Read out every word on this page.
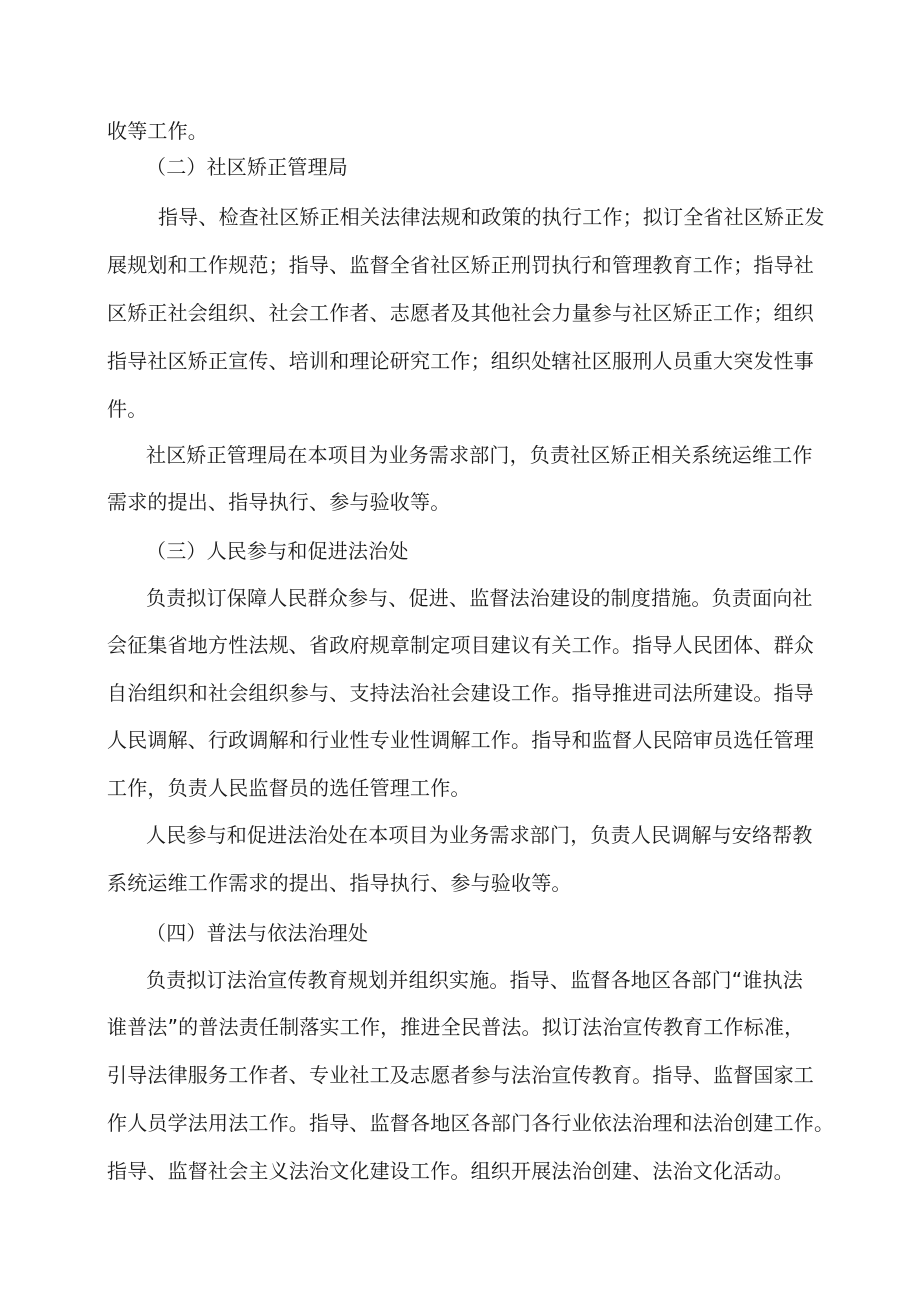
收等工作。
（二）社区矫正管理局
指导、检查社区矫正相关法律法规和政策的执行工作；拟订全省社区矫正发
展规划和工作规范；指导、监督全省社区矫正刑罚执行和管理教育工作；指导社
区矫正社会组织、社会工作者、志愿者及其他社会力量参与社区矫正工作；组织
指导社区矫正宣传、培训和理论研究工作；组织处辖社区服刑人员重大突发性事
件。
社区矫正管理局在本项目为业务需求部门，负责社区矫正相关系统运维工作
需求的提出、指导执行、参与验收等。
（三）人民参与和促进法治处
负责拟订保障人民群众参与、促进、监督法治建设的制度措施。负责面向社
会征集省地方性法规、省政府规章制定项目建议有关工作。指导人民团体、群众
自治组织和社会组织参与、支持法治社会建设工作。指导推进司法所建设。指导
人民调解、行政调解和行业性专业性调解工作。指导和监督人民陪审员选任管理
工作，负责人民监督员的选任管理工作。
人民参与和促进法治处在本项目为业务需求部门，负责人民调解与安络帮教
系统运维工作需求的提出、指导执行、参与验收等。
（四）普法与依法治理处
负责拟订法治宣传教育规划并组织实施。指导、监督各地区各部门“谁执法
谁普法”的普法责任制落实工作，推进全民普法。拟订法治宣传教育工作标准，
引导法律服务工作者、专业社工及志愿者参与法治宣传教育。指导、监督国家工
作人员学法用法工作。指导、监督各地区各部门各行业依法治理和法治创建工作。
指导、监督社会主义法治文化建设工作。组织开展法治创建、法治文化活动。
